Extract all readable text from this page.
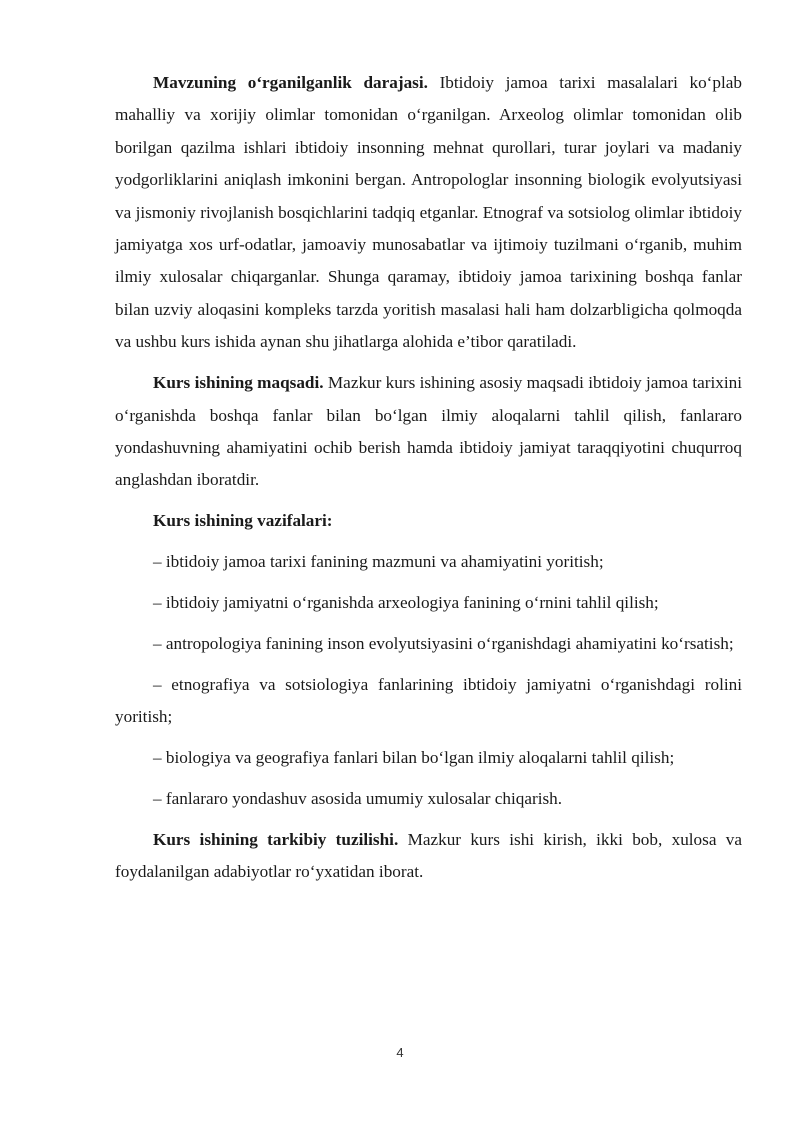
Mavzuning o‘rganilganlik darajasi. Ibtidoiy jamoa tarixi masalalari ko‘plab mahalliy va xorijiy olimlar tomonidan o‘rganilgan. Arxeolog olimlar tomonidan olib borilgan qazilma ishlari ibtidoiy insonning mehnat qurollari, turar joylari va madaniy yodgorliklarini aniqlash imkonini bergan. Antropologlar insonning biologik evolyutsiyasi va jismoniy rivojlanish bosqichlarini tadqiq etganlar. Etnograf va sotsiolog olimlar ibtidoiy jamiyatga xos urf-odatlar, jamoaviy munosabatlar va ijtimoiy tuzilmani o‘rganib, muhim ilmiy xulosalar chiqarganlar. Shunga qaramay, ibtidoiy jamoa tarixining boshqa fanlar bilan uzviy aloqasini kompleks tarzda yoritish masalasi hali ham dolzarbligicha qolmoqda va ushbu kurs ishida aynan shu jihatlarga alohida e’tibor qaratiladi.

Kurs ishining maqsadi. Mazkur kurs ishining asosiy maqsadi ibtidoiy jamoa tarixini o‘rganishda boshqa fanlar bilan bo‘lgan ilmiy aloqalarni tahlil qilish, fanlararo yondashuvning ahamiyatini ochib berish hamda ibtidoiy jamiyat taraqqiyotini chuqurroq anglashdan iboratdir.

Kurs ishining vazifalari:

– ibtidoiy jamoa tarixi fanining mazmuni va ahamiyatini yoritish;

– ibtidoiy jamiyatni o‘rganishda arxeologiya fanining o‘rnini tahlil qilish;

– antropologiya fanining inson evolyutsiyasini o‘rganishdagi ahamiyatini ko‘rsatish;

– etnografiya va sotsiologiya fanlarining ibtidoiy jamiyatni o‘rganishdagi rolini yoritish;

– biologiya va geografiya fanlari bilan bo‘lgan ilmiy aloqalarni tahlil qilish;

– fanlararo yondashuv asosida umumiy xulosalar chiqarish.

Kurs ishining tarkibiy tuzilishi. Mazkur kurs ishi kirish, ikki bob, xulosa va foydalanilgan adabiyotlar ro‘yxatidan iborat.

4
